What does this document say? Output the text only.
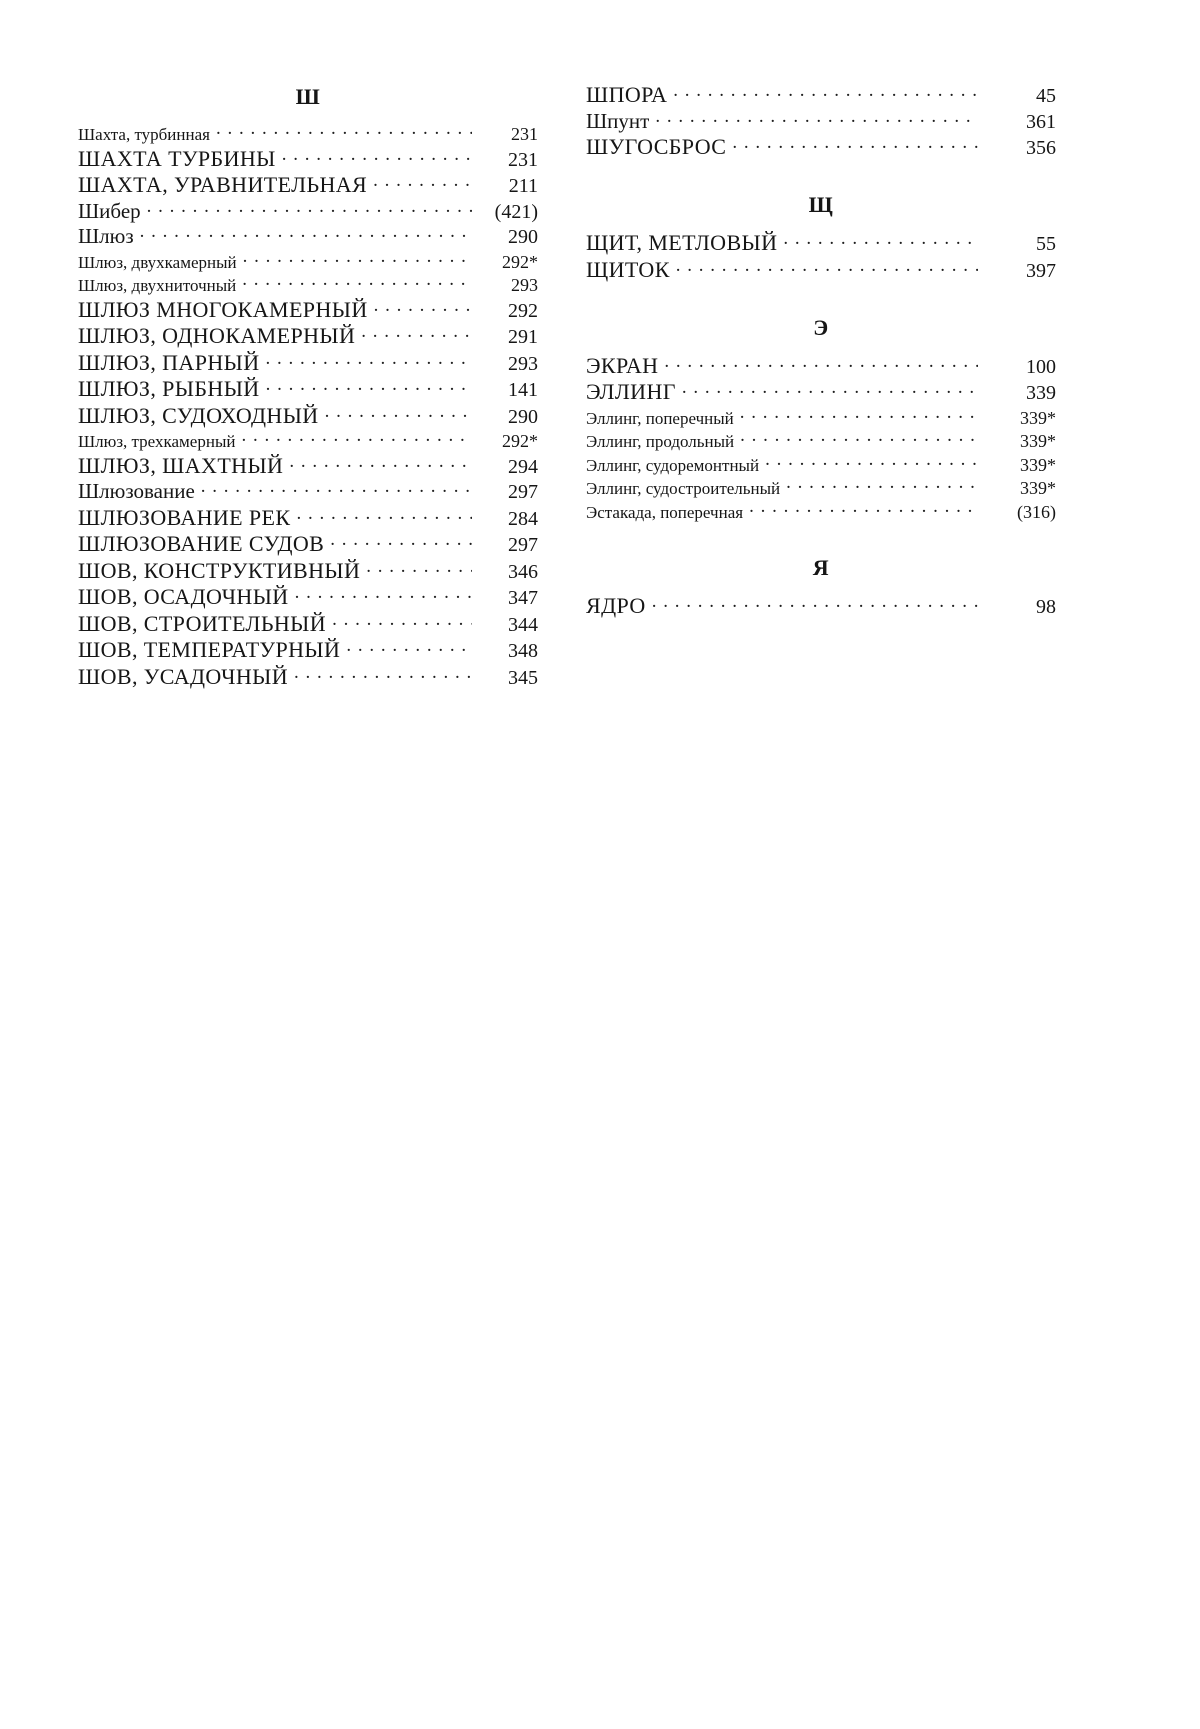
Ш
Шахта, турбинная . .	231
ШАХТА ТУРБИНЫ . .	231
ШАХТА, УРАВНИТЕЛЬНАЯ . .	211
Шибер . .	(421)
Шлюз . .	290
Шлюз, двухкамерный . .	292*
Шлюз, двухниточный . .	293
ШЛЮЗ МНОГОКАМЕРНЫЙ . .	292
ШЛЮЗ, ОДНОКАМЕРНЫЙ . .	291
ШЛЮЗ, ПАРНЫЙ . .	293
ШЛЮЗ, РЫБНЫЙ . .	141
ШЛЮЗ, СУДОХОДНЫЙ . .	290
Шлюз, трехкамерный . .	292*
ШЛЮЗ, ШАХТНЫЙ . .	294
Шлюзование . .	297
ШЛЮЗОВАНИЕ РЕК . .	284
ШЛЮЗОВАНИЕ СУДОВ . .	297
ШОВ, КОНСТРУКТИВНЫЙ . .	346
ШОВ, ОСАДОЧНЫЙ . .	347
ШОВ, СТРОИТЕЛЬНЫЙ . .	344
ШОВ, ТЕМПЕРАТУРНЫЙ . .	348
ШОВ, УСАДОЧНЫЙ . .	345
ШПОРА . .	45
Шпунт . .	361
ШУГОСБРОС . .	356
Щ
ЩИТ, МЕТЛОВЫЙ . .	55
ЩИТОК . .	397
Э
ЭКРАН . .	100
ЭЛЛИНГ . .	339
Эллинг, поперечный . .	339*
Эллинг, продольный . .	339*
Эллинг, судоремонтный . .	339*
Эллинг, судостроительный . .	339*
Эстакада, поперечная . .	(316)
Я
ЯДРО . .	98
